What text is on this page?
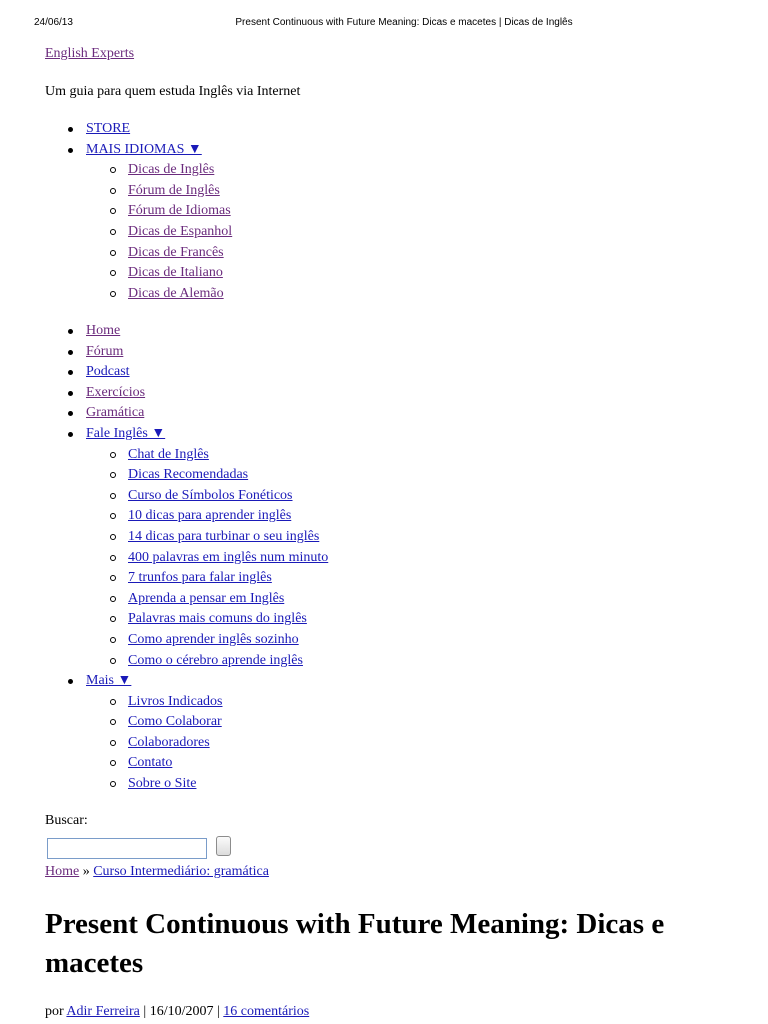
24/06/13	Present Continuous with Future Meaning: Dicas e macetes | Dicas de Inglês
English Experts
Um guia para quem estuda Inglês via Internet
STORE
MAIS IDIOMAS ▼
Dicas de Inglês
Fórum de Inglês
Fórum de Idiomas
Dicas de Espanhol
Dicas de Francês
Dicas de Italiano
Dicas de Alemão
Home
Fórum
Podcast
Exercícios
Gramática
Fale Inglês ▼
Chat de Inglês
Dicas Recomendadas
Curso de Símbolos Fonéticos
10 dicas para aprender inglês
14 dicas para turbinar o seu inglês
400 palavras em inglês num minuto
7 trunfos para falar inglês
Aprenda a pensar em Inglês
Palavras mais comuns do inglês
Como aprender inglês sozinho
Como o cérebro aprende inglês
Mais ▼
Livros Indicados
Como Colaborar
Colaboradores
Contato
Sobre o Site
Buscar:
Home » Curso Intermediário: gramática
Present Continuous with Future Meaning: Dicas e macetes
por Adir Ferreira | 16/10/2007 | 16 comentários
